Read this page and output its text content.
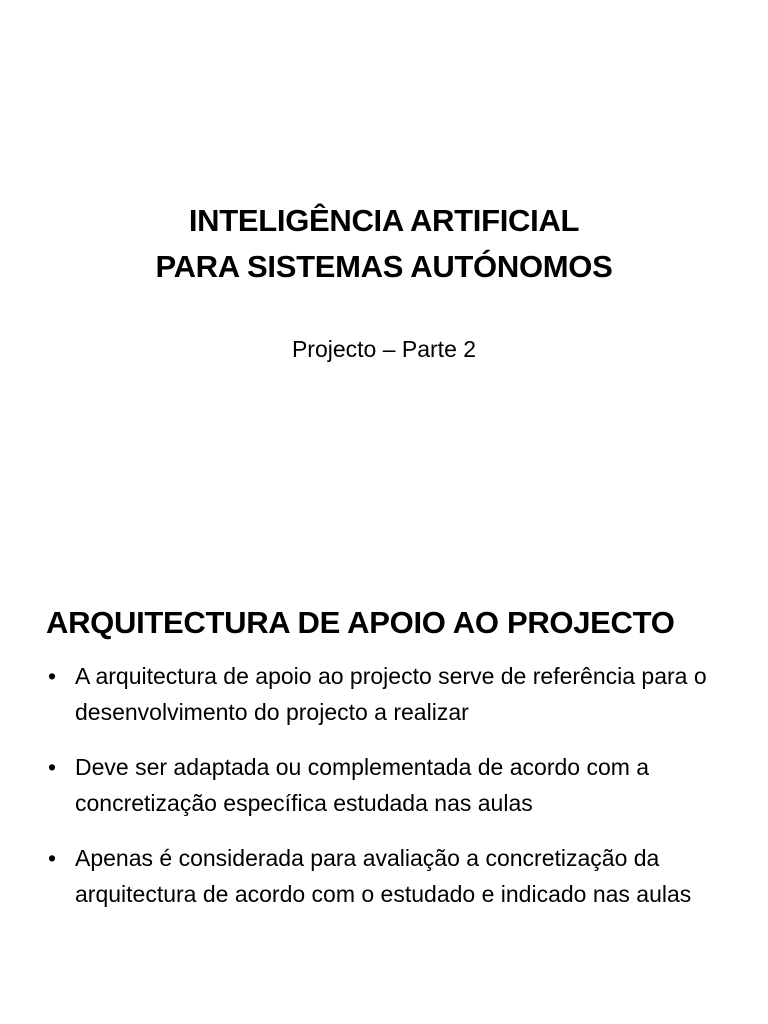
INTELIGÊNCIA ARTIFICIAL
PARA SISTEMAS AUTÓNOMOS
Projecto – Parte 2
ARQUITECTURA DE APOIO AO PROJECTO
• A arquitectura de apoio ao projecto serve de referência para o desenvolvimento do projecto a realizar
• Deve ser adaptada ou complementada de acordo com a concretização específica estudada nas aulas
• Apenas é considerada para avaliação a concretização da arquitectura de acordo com o estudado e indicado nas aulas
